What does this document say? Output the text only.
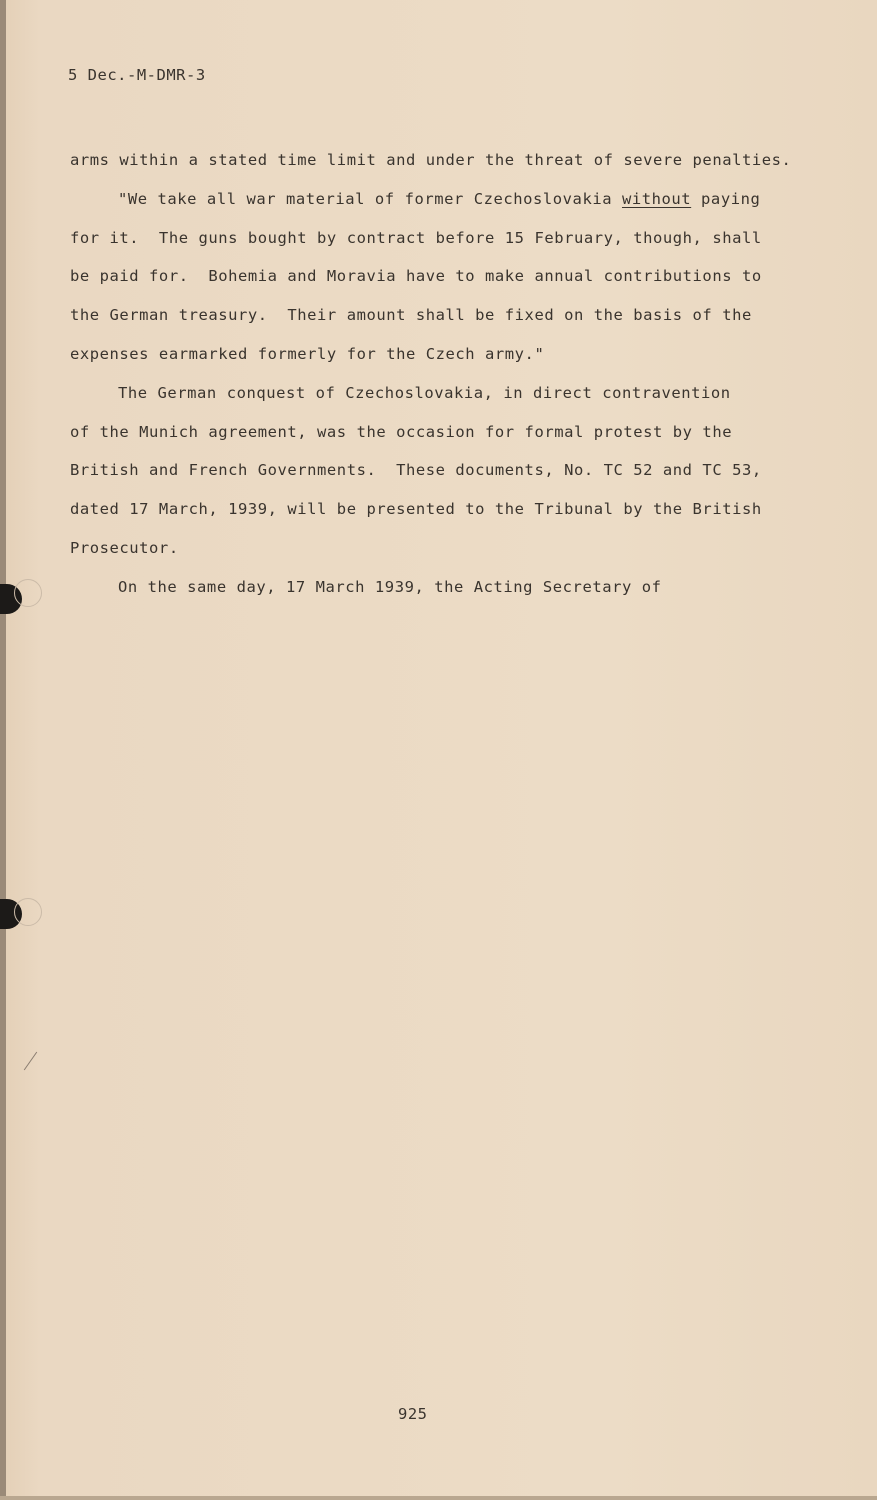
5 Dec.-M-DMR-3
arms within a stated time limit and under the threat of severe penalties.
"We take all war material of former Czechoslovakia without paying
for it.  The guns bought by contract before 15 February, though, shall
be paid for.  Bohemia and Moravia have to make annual contributions to
the German treasury.  Their amount shall be fixed on the basis of the
expenses earmarked formerly for the Czech army."
The German conquest of Czechoslovakia, in direct contravention
of the Munich agreement, was the occasion for formal protest by the
British and French Governments.  These documents, No. TC 52 and TC 53,
dated 17 March, 1939, will be presented to the Tribunal by the British
Prosecutor.
On the same day, 17 March 1939, the Acting Secretary of
925
